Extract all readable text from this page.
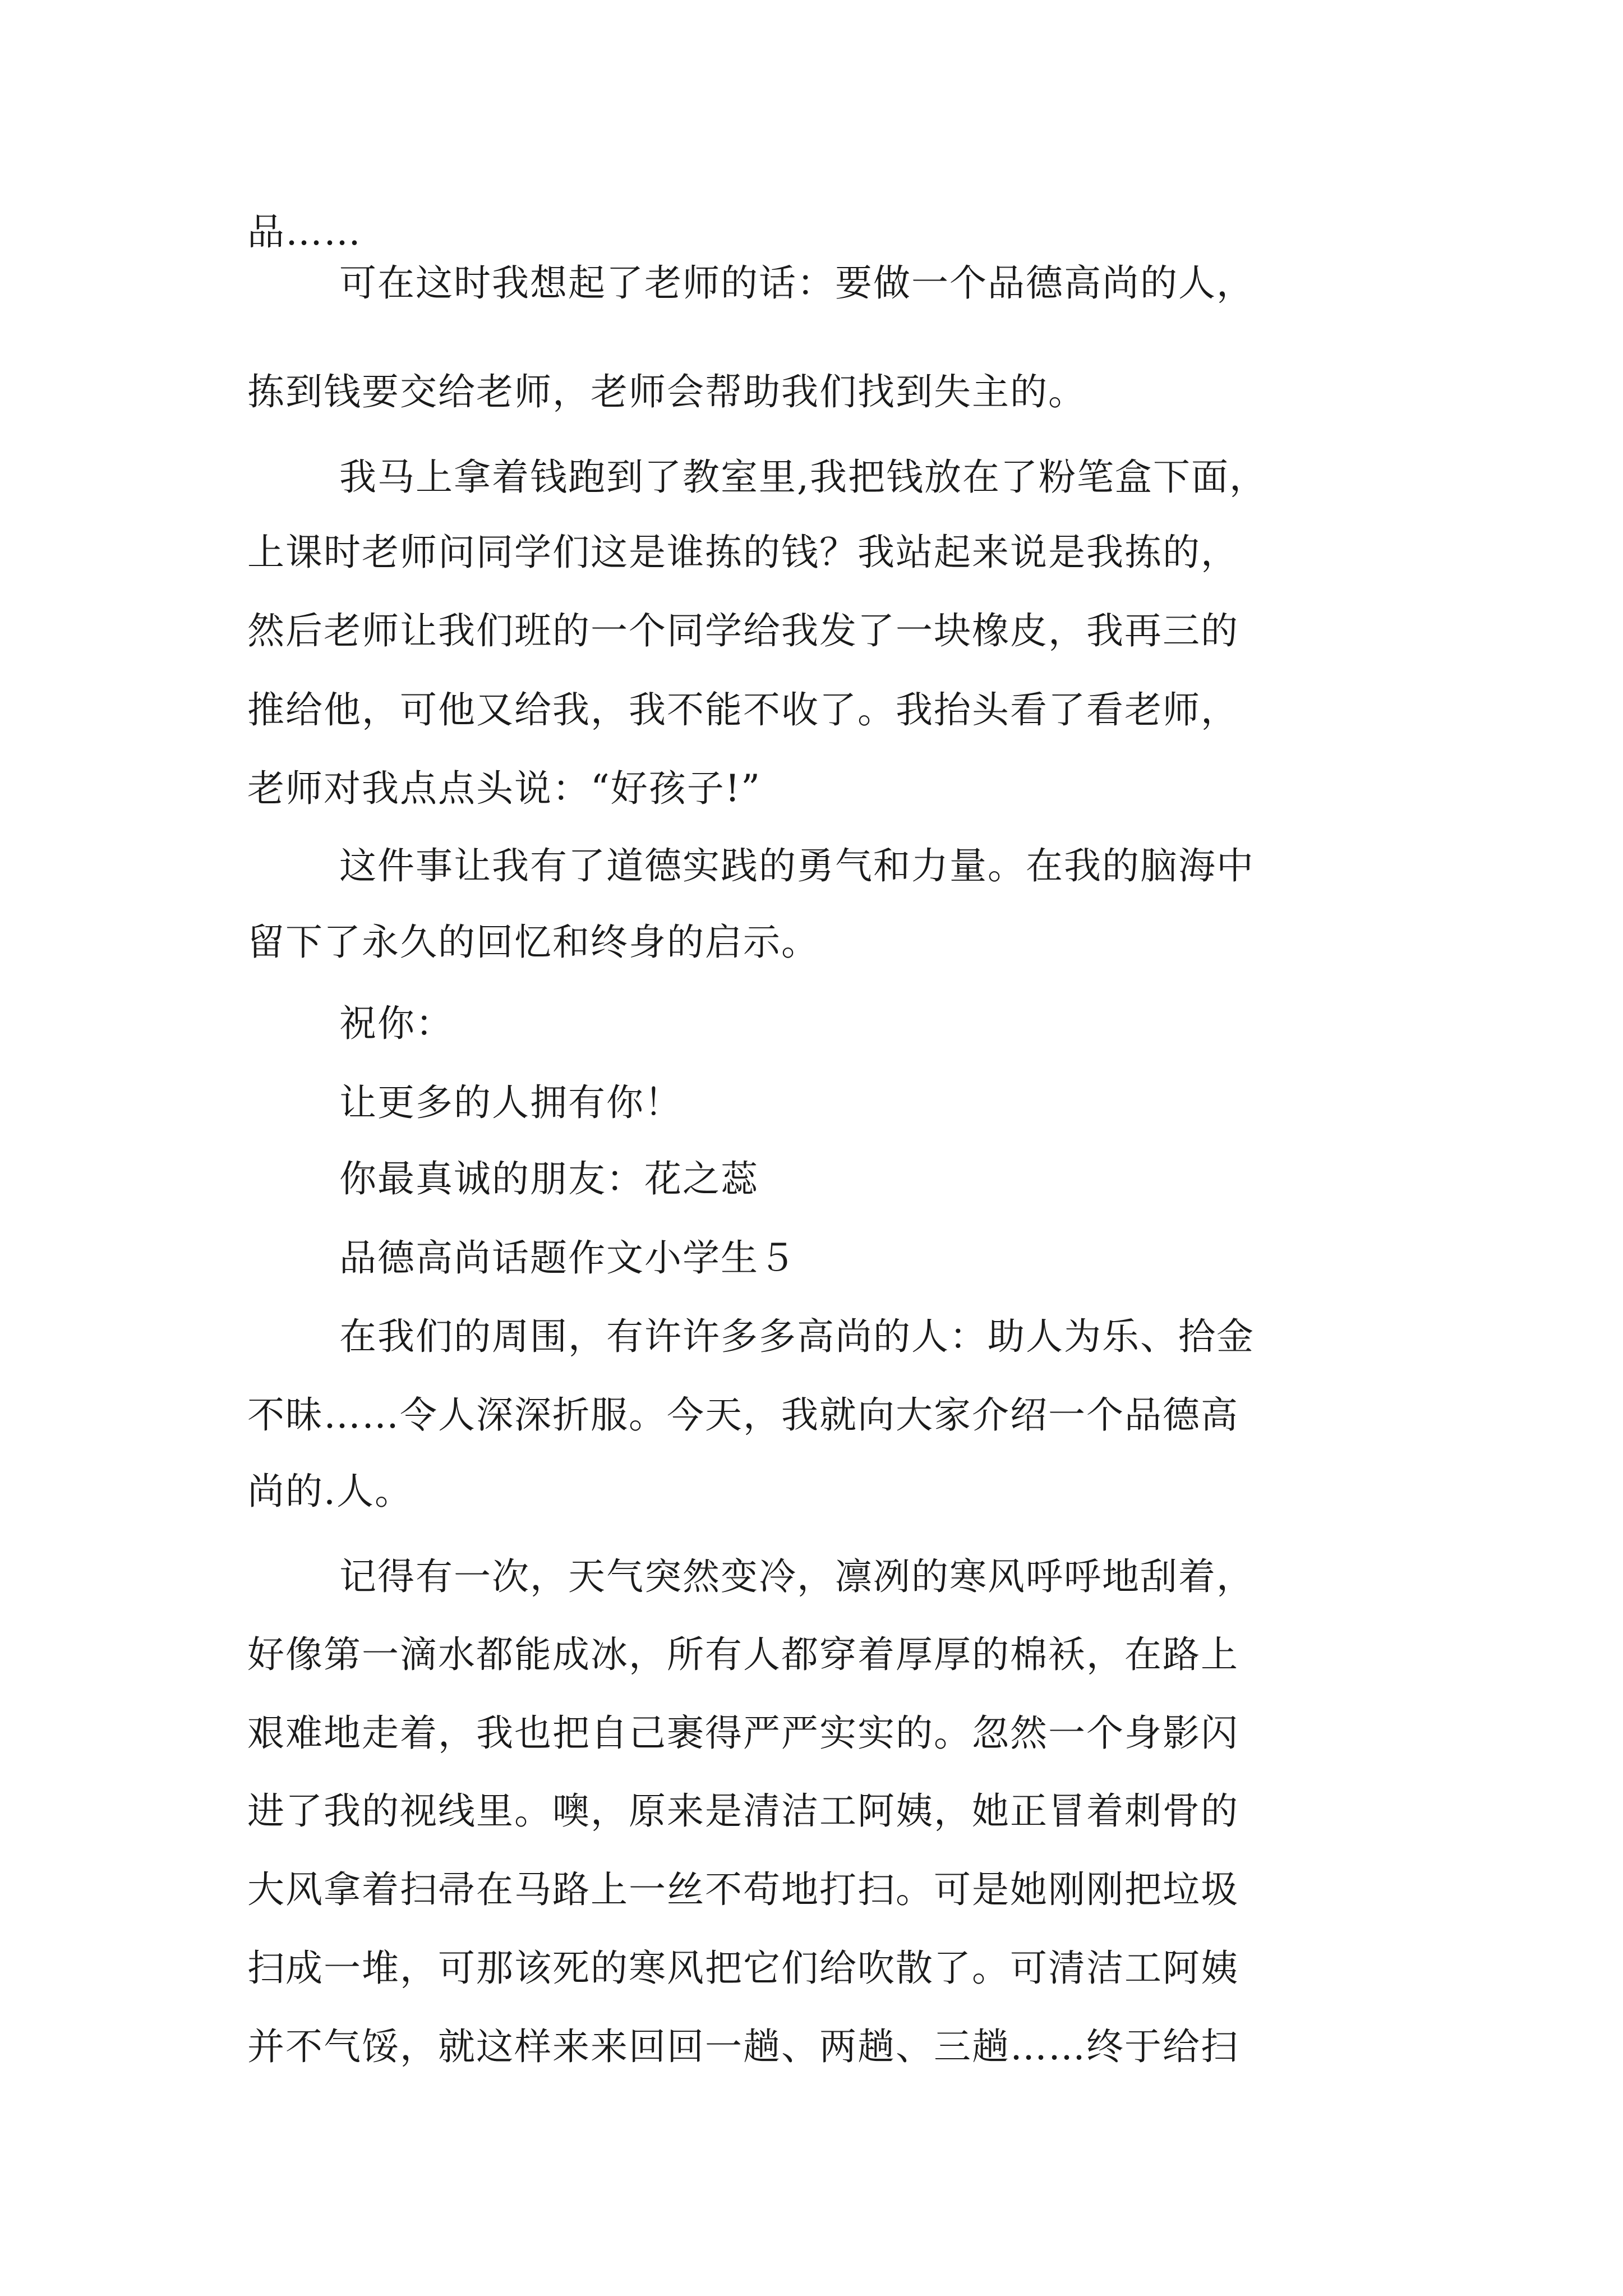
品……
可在这时我想起了老师的话：要做一个品德高尚的人，
拣到钱要交给老师，老师会帮助我们找到失主的。
我马上拿着钱跑到了教室里,我把钱放在了粉笔盒下面，
上课时老师问同学们这是谁拣的钱？我站起来说是我拣的，
然后老师让我们班的一个同学给我发了一块橡皮，我再三的
推给他，可他又给我，我不能不收了。我抬头看了看老师，
老师对我点点头说：“好孩子!”
这件事让我有了道德实践的勇气和力量。在我的脑海中
留下了永久的回忆和终身的启示。
祝你：
让更多的人拥有你！
你最真诚的朋友：花之蕊
品德高尚话题作文小学生５
在我们的周围，有许许多多高尚的人：助人为乐、拾金
不昧……令人深深折服。今天，我就向大家介绍一个品德高
尚的.人。
记得有一次，天气突然变冷，凛冽的寒风呼呼地刮着，
好像第一滴水都能成冰，所有人都穿着厚厚的棉袄，在路上
艰难地走着，我也把自己裹得严严实实的。忽然一个身影闪
进了我的视线里。噢，原来是清洁工阿姨，她正冒着刺骨的
大风拿着扫帚在马路上一丝不苟地打扫。可是她刚刚把垃圾
扫成一堆，可那该死的寒风把它们给吹散了。可清洁工阿姨
并不气馁，就这样来来回回一趟、两趟、三趟……终于给扫
